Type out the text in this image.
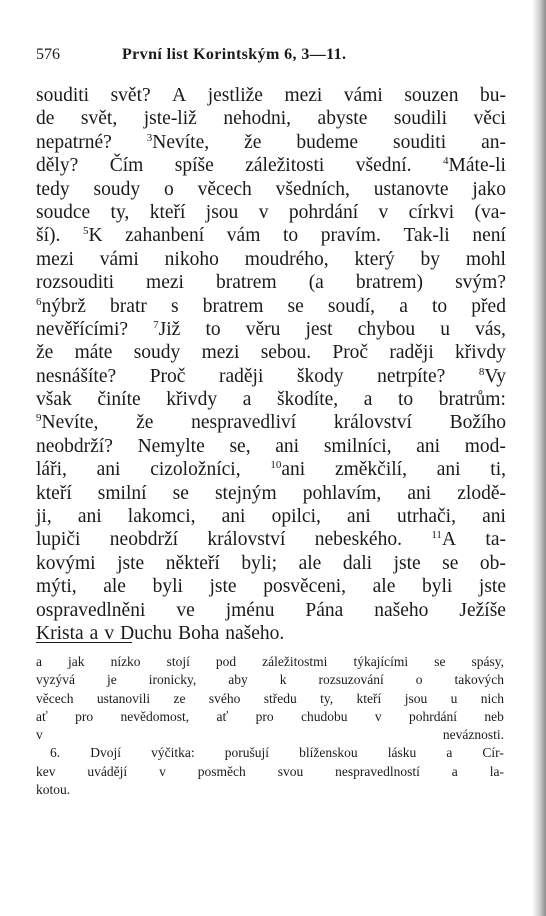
576	První list Korintským 6, 3—11.
souditi svět? A jestliže mezi vámi souzen bu-
de svět, jste-liž nehodni, abyste soudili věci
nepatrné?	$^3$Nevíte, že budeme souditi an-
děly? Čím spíše záležitosti všední.	$^4$Máte-li
tedy soudy o věcech všedních, ustanovte jako
soudce ty, kteří jsou v pohrdání v církvi (va-
ší). $^5$K zahanbení vám to pravím. Tak-li není
mezi vámi nikoho moudrého, který by mohl
rozsouditi mezi bratrem (a bratrem) svým?
$^6$nýbrž bratr s bratrem se soudí, a to před
nevěřícími? $^7$Již to věru jest chybou u vás,
že máte soudy mezi sebou. Proč raději křivdy
nesnášíte? Proč raději škody netrpíte?	$^8$Vy
však činíte křivdy a škodíte, a to bratrům:
$^9$Nevíte, že nespravedliví království Božího
neobdrží? Nemylte se, ani smilníci, ani mod-
láři, ani cizoložníci,	$^{10}$ani změkčilí, ani ti,
kteří smilní se stejným pohlavím, ani zlodě-
ji, ani lakomci, ani opilci, ani utrhači, ani
lupiči neobdrží království nebeského.	$^{11}$A ta-
kovými jste někteří byli; ale dali jste se ob-
mýti, ale byli jste posvěceni, ale byli jste
ospravedlněni ve jménu Pána našeho Ježíše
Krista a v Duchu Boha našeho.
a jak nízko stojí pod záležitostmi týkajícími se spásy,
vyzývá je ironicky, aby k rozsuzování o takových
věcech ustanovili ze svého středu ty, kteří jsou u nich
ať pro nevědomost, ať pro chudobu v pohrdání neb
v	neváznosti.
6. Dvojí výčitka: porušují blíženskou lásku a Cír-
kev uvádějí v posměch svou nespravedlností a la-
kotou.
